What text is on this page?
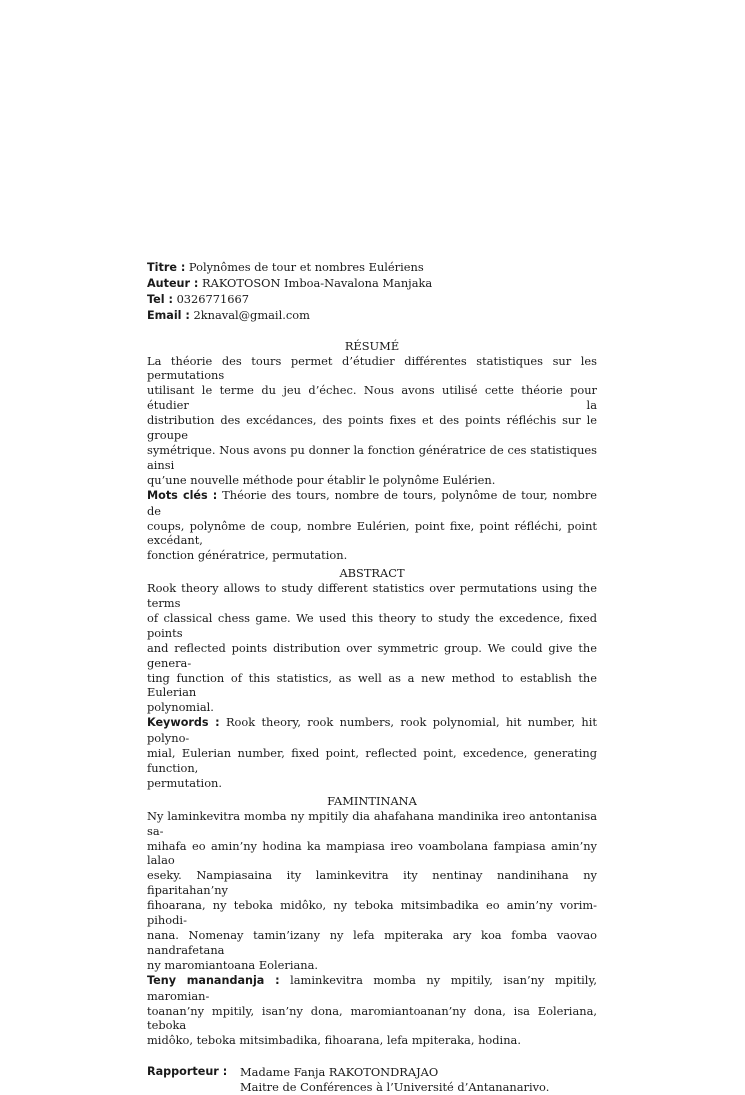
Titre : Polynômes de tour et nombres Eulériens
Auteur : RAKOTOSON Imboa-Navalona Manjaka
Tel : 0326771667
Email : 2knaval@gmail.com
RÉSUMÉ
La théorie des tours permet d’étudier différentes statistiques sur les permutations
utilisant le terme du jeu d’échec. Nous avons utilisé cette théorie pour étudier la
distribution des excédances, des points fixes et des points réfléchis sur le groupe
symétrique. Nous avons pu donner la fonction génératrice de ces statistiques ainsi
qu’une nouvelle méthode pour établir le polynôme Eulérien.
Mots clés : Théorie des tours, nombre de tours, polynôme de tour, nombre de
coups, polynôme de coup, nombre Eulérien, point fixe, point réfléchi, point excédant,
fonction génératrice, permutation.
ABSTRACT
Rook theory allows to study different statistics over permutations using the terms
of classical chess game. We used this theory to study the excedence, fixed points
and reflected points distribution over symmetric group. We could give the genera-
ting function of this statistics, as well as a new method to establish the Eulerian
polynomial.
Keywords : Rook theory, rook numbers, rook polynomial, hit number, hit polyno-
mial, Eulerian number, fixed point, reflected point, excedence, generating function,
permutation.
FAMINTINANA
Ny laminkevitra momba ny mpitily dia ahafahana mandinika ireo antontanisa sa-
mihafa eo amin’ny hodina ka mampiasa ireo voambolana fampiasa amin’ny lalao
eseky. Nampiasaina ity laminkevitra ity nentinay nandinihana ny fiparitahan’ny
fihoarana, ny teboka midôko, ny teboka mitsimbadika eo amin’ny vorim- pihodi-
nana. Nomenay tamin’izany ny lefa mpiteraka ary koa fomba vaovao nandrafetana
ny maromiantoana Eoleriana.
Teny manandanja : laminkevitra momba ny mpitily, isan’ny mpitily, maromian-
toanan’ny mpitily, isan’ny dona, maromiantoanan’ny dona, isa Eoleriana, teboka
midôko, teboka mitsimbadika, fihoarana, lefa mpiteraka, hodina.
Rapporteur :	Madame Fanja RAKOTONDRAJAO
Maitre de Conférences à l’Université d’Antananarivo.
